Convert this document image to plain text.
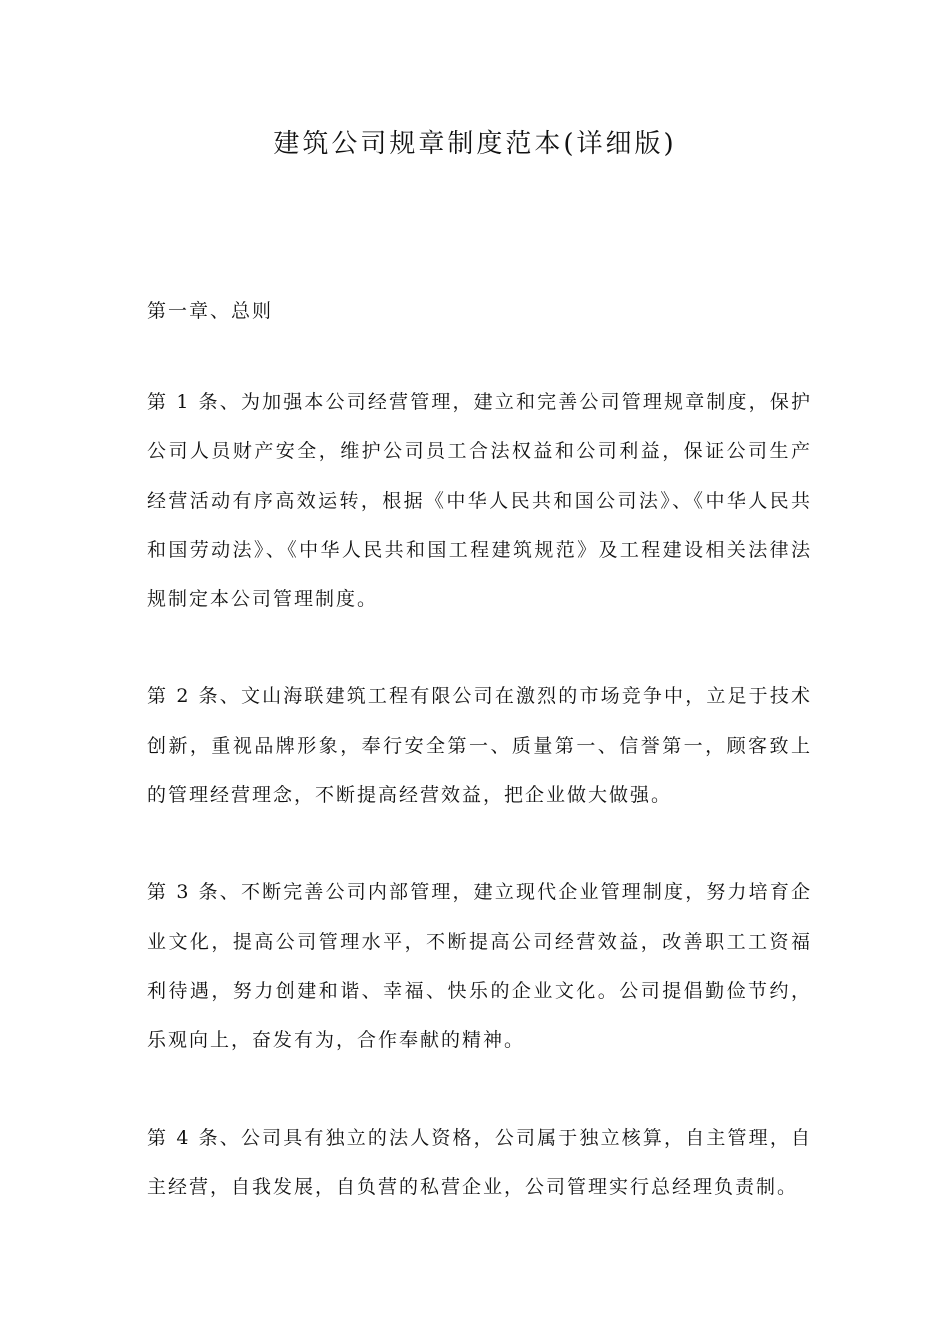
建筑公司规章制度范本(详细版)
第一章、总则

第 1 条、为加强本公司经营管理，建立和完善公司管理规章制度，保护公司人员财产安全，维护公司员工合法权益和公司利益，保证公司生产经营活动有序高效运转，根据《中华人民共和国公司法》、《中华人民共和国劳动法》、《中华人民共和国工程建筑规范》及工程建设相关法律法规制定本公司管理制度。

第 2 条、文山海联建筑工程有限公司在激烈的市场竞争中，立足于技术创新，重视品牌形象，奉行安全第一、质量第一、信誉第一，顾客致上的管理经营理念，不断提高经营效益，把企业做大做强。

第 3 条、不断完善公司内部管理，建立现代企业管理制度，努力培育企业文化，提高公司管理水平，不断提高公司经营效益，改善职工工资福利待遇，努力创建和谐、幸福、快乐的企业文化。公司提倡勤俭节约，乐观向上，奋发有为，合作奉献的精神。

第 4 条、公司具有独立的法人资格，公司属于独立核算，自主管理，自主经营，自我发展，自负营的私营企业，公司管理实行总经理负责制。
